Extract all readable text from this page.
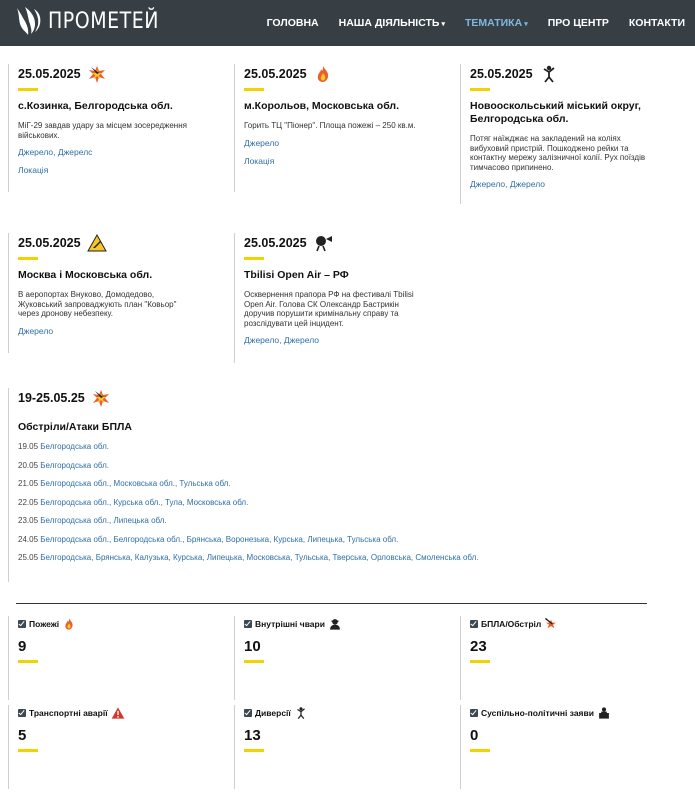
ПРОМЕТЕЙ	ГОЛОВНА НАША ДІЯЛЬНІСТЬ ▾ ТЕМАТИКА ▾ ПРО ЦЕНТР КОНТАКТИ
25.05.2025
с.Козинка, Белгородська обл.
МіГ-29 завдав удару за місцем зосередження військових.
Джерело, Джерелс
Локація
25.05.2025
м.Корольов, Московська обл.
Горить ТЦ "Піонер". Площа пожежі – 250 кв.м.
Джерело
Локація
25.05.2025
Новоoскольський міський округ, Белгородська обл.
Потяг наїжджає на закладений на коліях вибуховий пристрій. Пошкоджено рейки та контактну мережу залізничної колії. Рух поїздів тимчасово припинено.
Джерело, Джерело
25.05.2025
Москва і Московська обл.
В аеропортах Внуково, Домодедово, Жуковський запроваджують план "Ковьор" через дронову небезпеку.
Джерело
25.05.2025
Tbilisi Open Air – РФ
Осквернення прапора РФ на фестивалі Tbilisi Open Air. Голова СК Олександр Бастрикін доручив порушити кримінальну справу та розслідувати цей інцидент.
Джерело, Джерело
19-25.05.25
Обстріли/Атаки БПЛА
19.05 Белгородська обл.
20.05 Белгородська обл.
21.05 Белгородська обл., Московська обл., Тульська обл.
22.05 Белгородська обл., Курська обл., Тула, Московська обл.
23.05 Белгородська обл., Липецька обл.
24.05 Белгородська обл., Белгородська обл., Брянська, Воронезька, Курська, Липецька, Тульська обл.
25.05 Белгородська, Брянська, Калузька, Курська, Липецька, Московська, Тульська, Тверська, Орловська, Смоленська обл.
Пожежі
9
Внутрішні чвари
10
БПЛА/Обстріл
23
Транспортні аварії
5
Диверсії
13
Суспільно-політичні заяви
0
